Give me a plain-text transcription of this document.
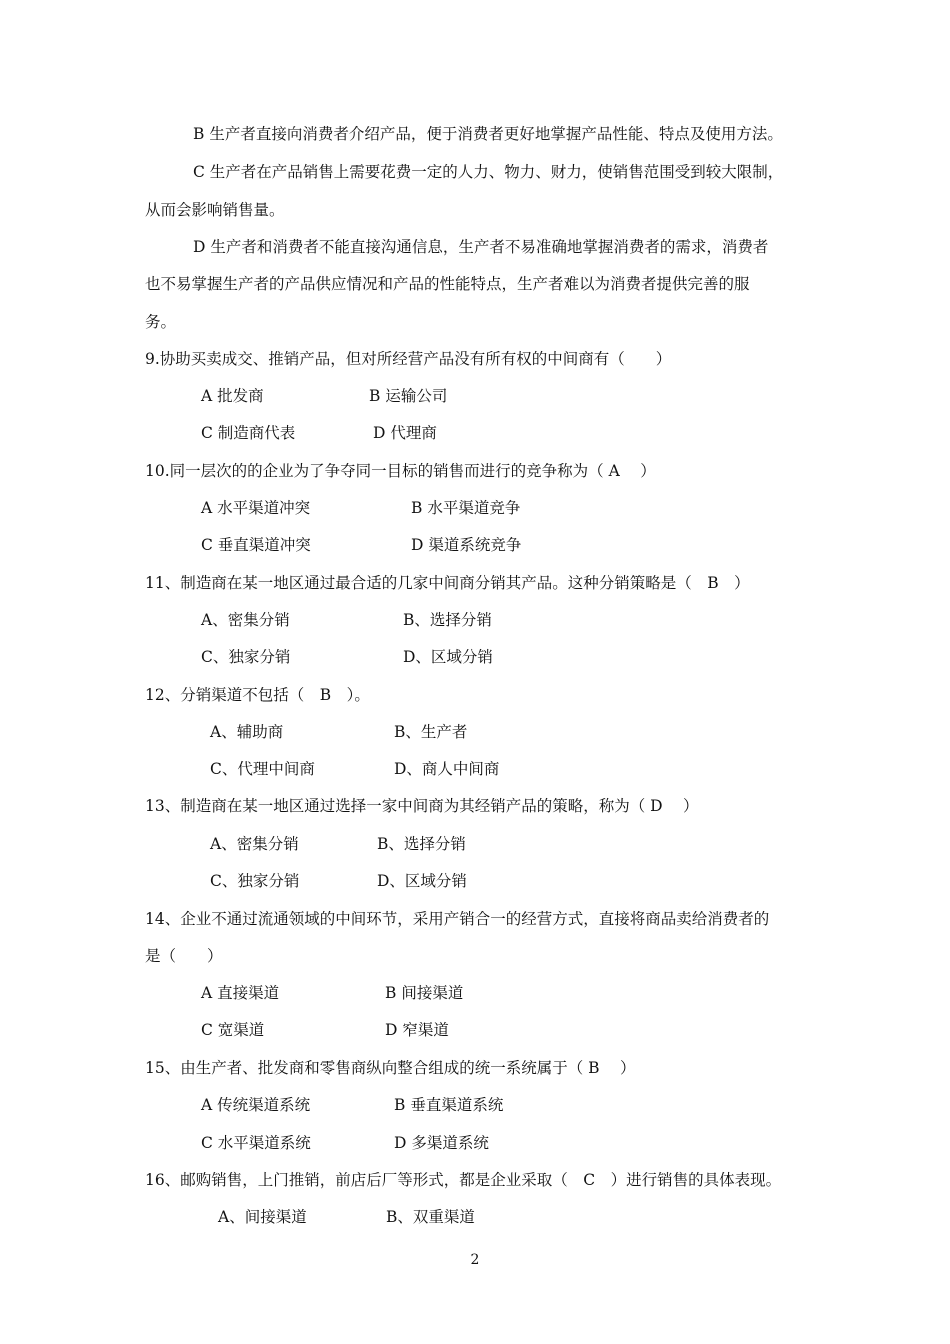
B 生产者直接向消费者介绍产品，便于消费者更好地掌握产品性能、特点及使用方法。
C 生产者在产品销售上需要花费一定的人力、物力、财力，使销售范围受到较大限制，
从而会影响销售量。
D 生产者和消费者不能直接沟通信息，生产者不易准确地掌握消费者的需求，消费者
也不易掌握生产者的产品供应情况和产品的性能特点，生产者难以为消费者提供完善的服
务。
9.协助买卖成交、推销产品，但对所经营产品没有所有权的中间商有（　　）
A 批发商	B 运输公司
C 制造商代表	D 代理商
10.同一层次的的企业为了争夺同一目标的销售而进行的竞争称为（ A 　）
A 水平渠道冲突	B 水平渠道竞争
C 垂直渠道冲突	D 渠道系统竞争
11、制造商在某一地区通过最合适的几家中间商分销其产品。这种分销策略是（　B　）
A、密集分销	B、选择分销
C、独家分销	D、区域分销
12、分销渠道不包括（　B　）。
A、辅助商	B、生产者
C、代理中间商	D、商人中间商
13、制造商在某一地区通过选择一家中间商为其经销产品的策略，称为（ D 　）
A、密集分销	B、选择分销
C、独家分销	D、区域分销
14、企业不通过流通领域的中间环节，采用产销合一的经营方式，直接将商品卖给消费者的
是（　　）
A 直接渠道	B 间接渠道
C 宽渠道	D 窄渠道
15、由生产者、批发商和零售商纵向整合组成的统一系统属于（ B 　）
A 传统渠道系统	B 垂直渠道系统
C 水平渠道系统	D 多渠道系统
16、邮购销售，上门推销，前店后厂等形式，都是企业采取（　C　）进行销售的具体表现。
A、间接渠道	B、双重渠道
2
